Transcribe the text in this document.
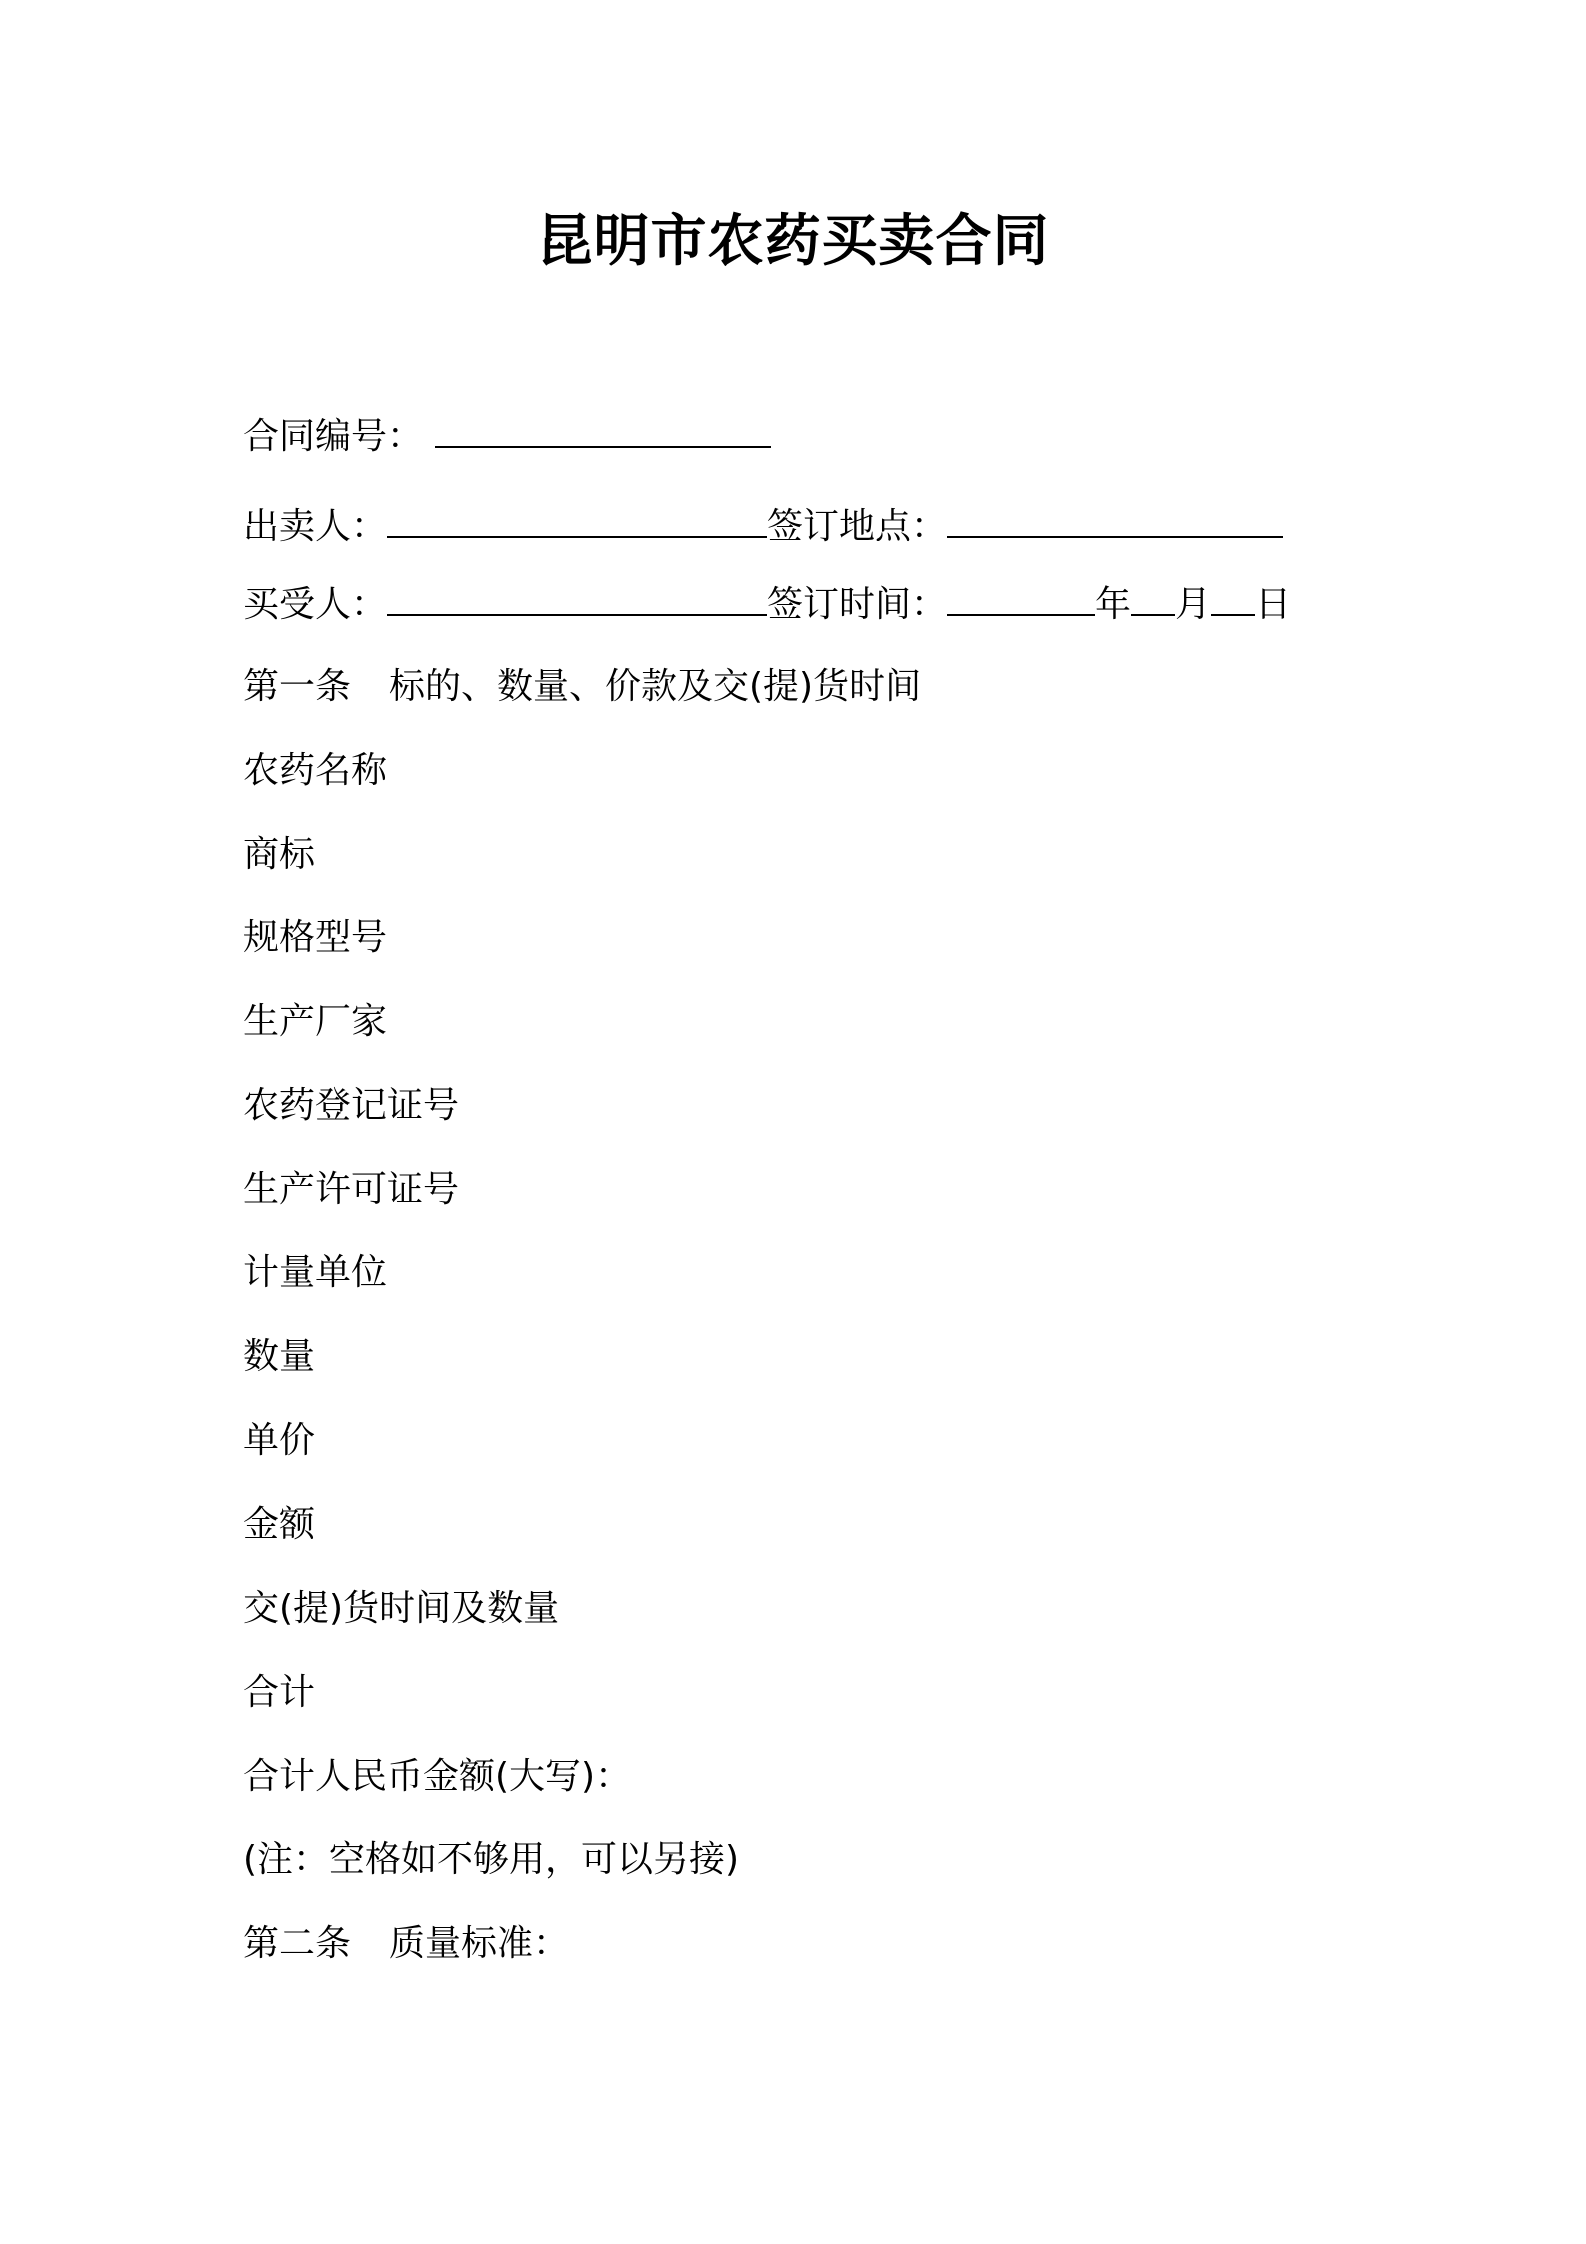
昆明市农药买卖合同
合同编号：
出卖人：	签订地点：
买受人：	签订时间：	年 月 日
第一条 标的、数量、价款及交(提)货时间
农药名称
商标
规格型号
生产厂家
农药登记证号
生产许可证号
计量单位
数量
单价
金额
交(提)货时间及数量
合计
合计人民币金额(大写)：
(注：空格如不够用，可以另接)
第二条 质量标准：
